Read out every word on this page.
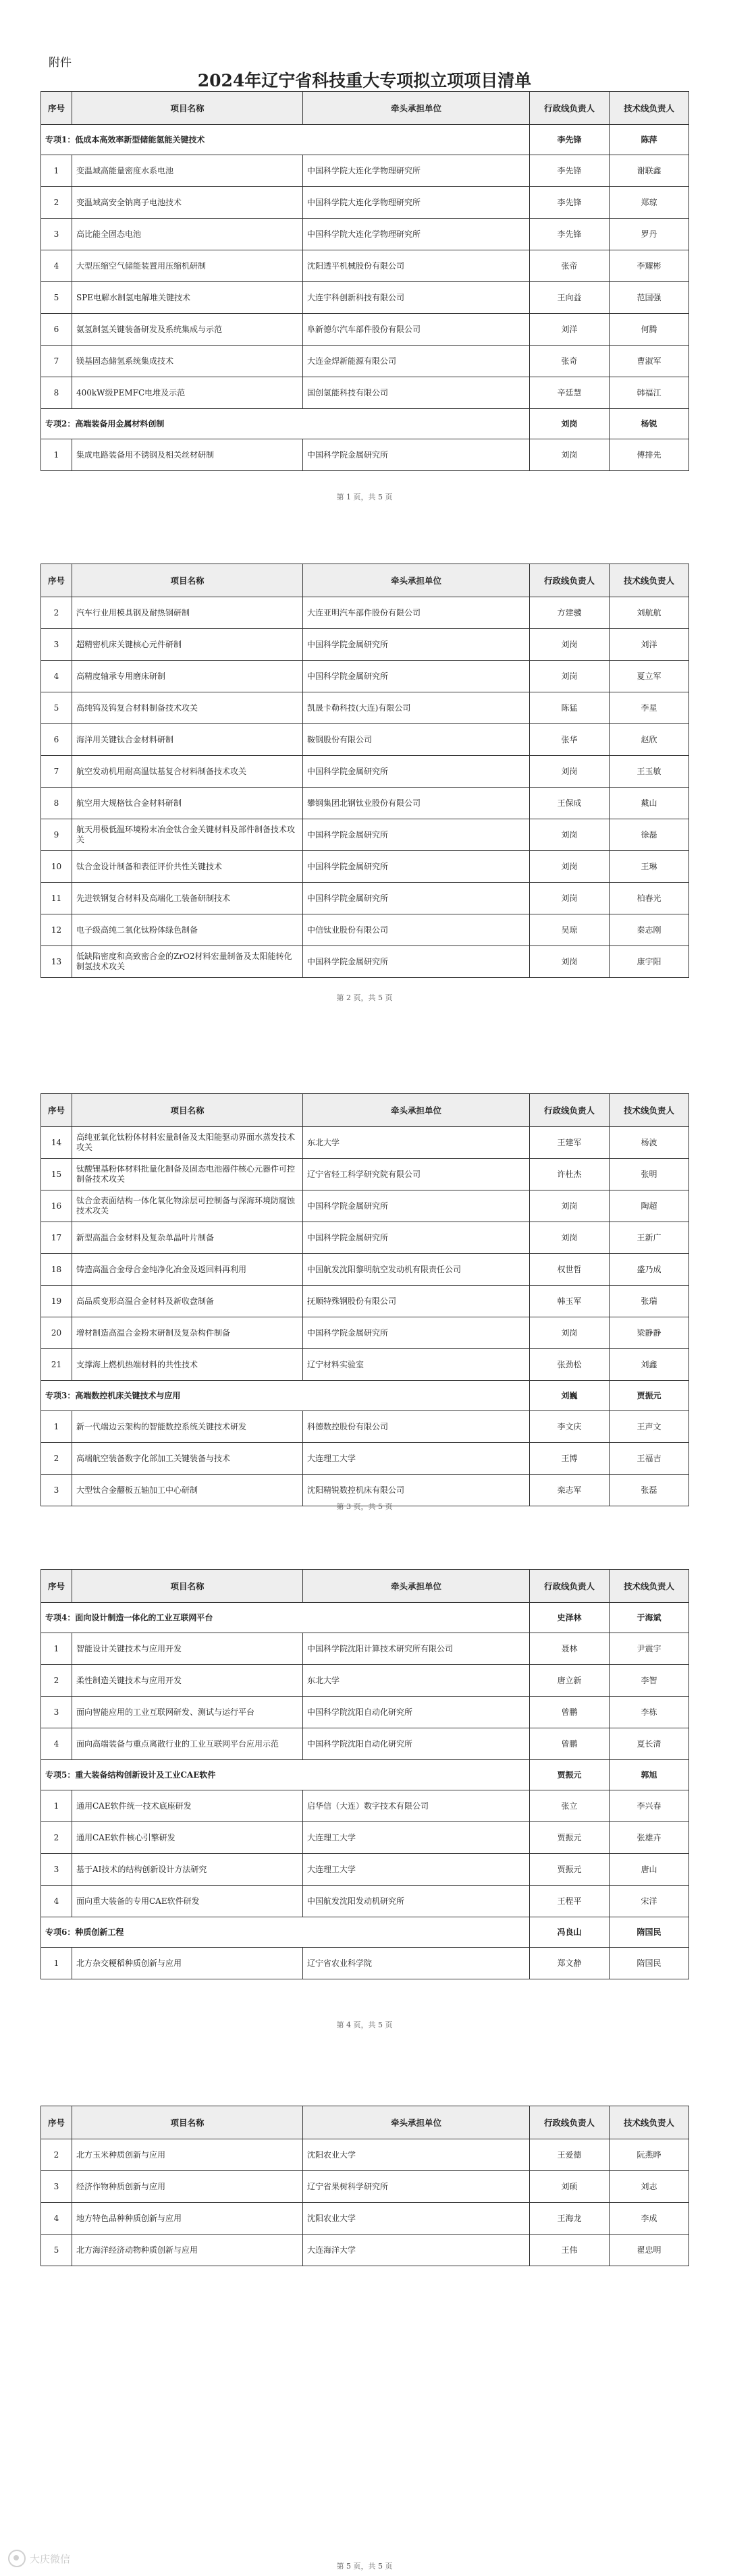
附件
2024年辽宁省科技重大专项拟立项项目清单
序号	项目名称	牵头承担单位	行政线负责人	技术线负责人
专项1：低成本高效率新型储能氢能关键技术			李先锋	陈萍
1	变温域高能量密度水系电池	中国科学院大连化学物理研究所	李先锋	谢联鑫
2	变温域高安全钠离子电池技术	中国科学院大连化学物理研究所	李先锋	郑琼
3	高比能全固态电池	中国科学院大连化学物理研究所	李先锋	罗丹
4	大型压缩空气储能装置用压缩机研制	沈阳透平机械股份有限公司	张帝	李耀彬
5	SPE电解水制氢电解堆关键技术	大连宇科创新科技有限公司	王向益	范国强
6	氨氢制氢关键装备研发及系统集成与示范	阜新德尔汽车部件股份有限公司	刘洋	何腾
7	镁基固态储氢系统集成技术	大连金焊新能源有限公司	张奇	曹淑军
8	400kW级PEMFC电堆及示范	国创氢能科技有限公司	辛廷慧	韩福江
专项2：高端装备用金属材料创制			刘岗	杨锐
1	集成电路装备用不锈钢及相关丝材研制	中国科学院金属研究所	刘岗	傅排先
第 1 页，共 5 页
序号	项目名称	牵头承担单位	行政线负责人	技术线负责人
2	汽车行业用模具钢及耐热钢研制	大连亚明汽车部件股份有限公司	方建骥	刘航航
3	超精密机床关键核心元件研制	中国科学院金属研究所	刘岗	刘洋
4	高精度轴承专用磨床研制	中国科学院金属研究所	刘岗	夏立军
5	高纯钨及钨复合材料制备技术攻关	凯晟卡勒科技(大连)有限公司	陈猛	李星
6	海洋用关键钛合金材料研制	鞍钢股份有限公司	张华	赵欣
7	航空发动机用耐高温钛基复合材料制备技术攻关	中国科学院金属研究所	刘岗	王玉敏
8	航空用大规格钛合金材料研制	攀钢集团北钢钛业股份有限公司	王保成	戴山
9	航天用极低温环境粉末冶金钛合金关键材料及部件制备技术攻关	中国科学院金属研究所	刘岗	徐磊
10	钛合金设计制备和表征评价共性关键技术	中国科学院金属研究所	刘岗	王琳
11	先进铁钢复合材料及高端化工装备研制技术	中国科学院金属研究所	刘岗	柏春光
12	电子级高纯二氧化钛粉体绿色制备	中信钛业股份有限公司	吴琼	秦志刚
13	低缺陷密度和高致密合金的ZrO2材料宏量制备及太阳能转化制氢技术攻关	中国科学院金属研究所	刘岗	康宇阳
第 2 页，共 5 页
序号	项目名称	牵头承担单位	行政线负责人	技术线负责人
14	高纯亚氧化钛粉体材料宏量制备及太阳能驱动界面水蒸发技术攻关	东北大学	王建军	杨波
15	钛酸锂基粉体材料批量化制备及固态电池器件核心元器件可控制备技术攻关	辽宁省轻工科学研究院有限公司	许杜杰	张明
16	钛合金表面结构一体化氧化物涂层可控制备与深海环境防腐蚀技术攻关	中国科学院金属研究所	刘岗	陶超
17	新型高温合金材料及复杂单晶叶片制备	中国科学院金属研究所	刘岗	王新广
18	铸造高温合金母合金纯净化冶金及返回料再利用	中国航发沈阳黎明航空发动机有限责任公司	权世哲	盛乃成
19	高品质变形高温合金材料及新收盘制备	抚顺特殊钢股份有限公司	韩玉军	张瑞
20	增材制造高温合金粉末研制及复杂构件制备	中国科学院金属研究所	刘岗	梁静静
21	支撑海上燃机热端材料的共性技术	辽宁材料实验室	张劲松	刘鑫
专项3：高端数控机床关键技术与应用			刘巍	贾振元
1	新一代端边云架构的智能数控系统关键技术研发	科德数控股份有限公司	李文庆	王声文
2	高端航空装备数字化部加工关键装备与技术	大连理工大学	王博	王福吉
3	大型钛合金翻板五轴加工中心研制	沈阳精锐数控机床有限公司	栾志军	张磊
第 3 页，共 5 页
序号	项目名称	牵头承担单位	行政线负责人	技术线负责人
专项4：面向设计制造一体化的工业互联网平台			史泽林	于海斌
1	智能设计关键技术与应用开发	中国科学院沈阳计算技术研究所有限公司	聂林	尹震宇
2	柔性制造关键技术与应用开发	东北大学	唐立新	李智
3	面向智能应用的工业互联网研发、测试与运行平台	中国科学院沈阳自动化研究所	曾鹏	李栋
4	面向高端装备与重点离散行业的工业互联网平台应用示范	中国科学院沈阳自动化研究所	曾鹏	夏长清
专项5：重大装备结构创新设计及工业CAE软件			贾振元	郭旭
1	通用CAE软件统一技术底座研发	启华信（大连）数字技术有限公司	张立	李兴春
2	通用CAE软件核心引擎研发	大连理工大学	贾振元	张雄卉
3	基于AI技术的结构创新设计方法研究	大连理工大学	贾振元	唐山
4	面向重大装备的专用CAE软件研发	中国航发沈阳发动机研究所	王程平	宋洋
专项6：种质创新工程			冯良山	隋国民
1	北方杂交粳稻种质创新与应用	辽宁省农业科学院	郑文静	隋国民
第 4 页，共 5 页
序号	项目名称	牵头承担单位	行政线负责人	技术线负责人
2	北方玉米种质创新与应用	沈阳农业大学	王爱德	阮燕晔
3	经济作物种质创新与应用	辽宁省果树科学研究所	刘硕	刘志
4	地方特色品种种质创新与应用	沈阳农业大学	王海龙	李成
5	北方海洋经济动物种质创新与应用	大连海洋大学	王伟	翟忠明
第 5 页，共 5 页
大庆微信
